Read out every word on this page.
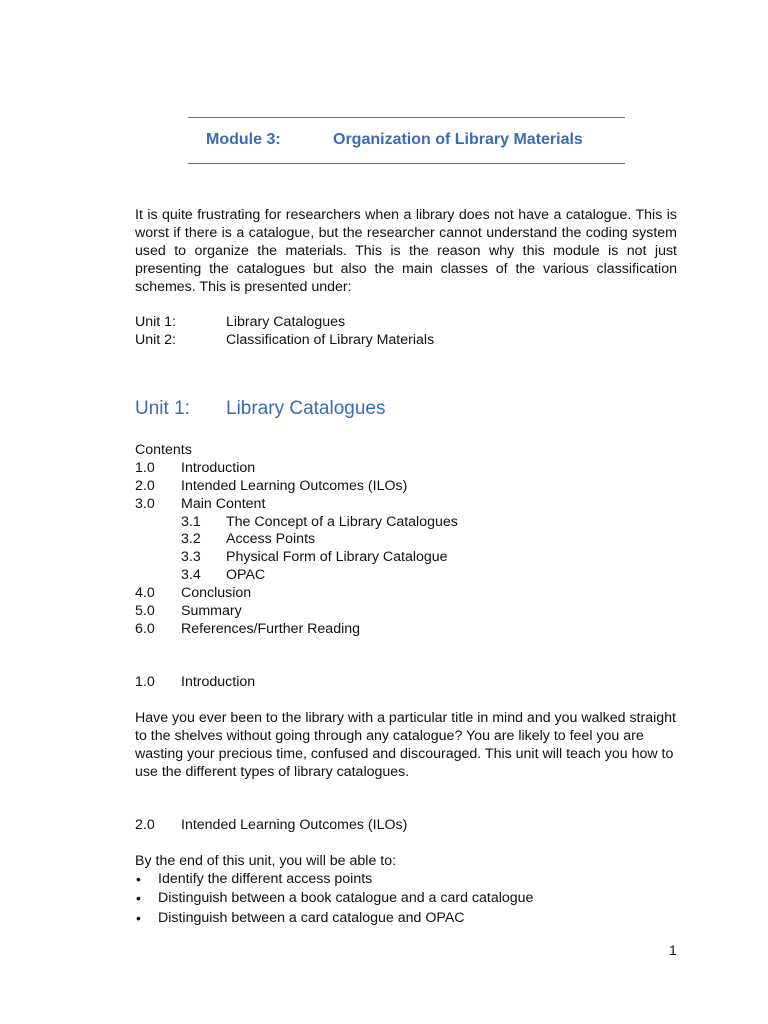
Module 3:	Organization of Library Materials

It is quite frustrating for researchers when a library does not have a catalogue. This is worst if there is a catalogue, but the researcher cannot understand the coding system used to organize the materials. This is the reason why this module is not just presenting the catalogues but also the main classes of the various classification schemes. This is presented under:

Unit 1:	Library Catalogues
Unit 2:	Classification of Library Materials
Unit 1: Library Catalogues
Contents
1.0 Introduction
2.0 Intended Learning Outcomes (ILOs)
3.0 Main Content
3.1 The Concept of a Library Catalogues
3.2 Access Points
3.3 Physical Form of Library Catalogue
3.4 OPAC
4.0 Conclusion
5.0 Summary
6.0 References/Further Reading
1.0 Introduction

Have you ever been to the library with a particular title in mind and you walked straight to the shelves without going through any catalogue? You are likely to feel you are wasting your precious time, confused and discouraged. This unit will teach you how to use the different types of library catalogues.

2.0 Intended Learning Outcomes (ILOs)
By the end of this unit, you will be able to:
• Identify the different access points
• Distinguish between a book catalogue and a card catalogue
• Distinguish between a card catalogue and OPAC
1
